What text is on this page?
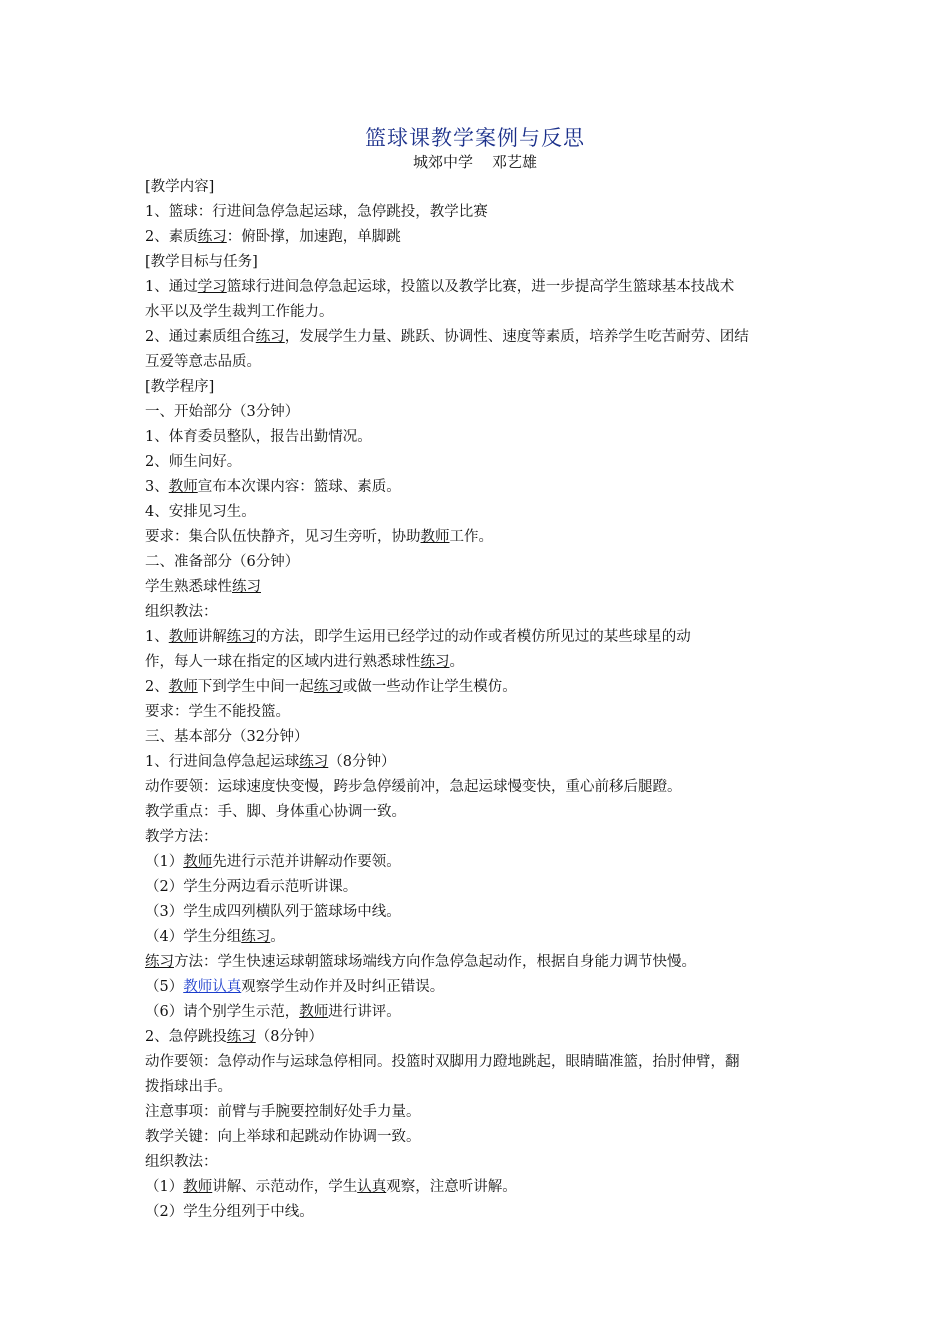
篮球课教学案例与反思
城郊中学    邓艺雄
[教学内容]
1、篮球：行进间急停急起运球，急停跳投，教学比赛
2、素质练习：俯卧撑，加速跑，单脚跳
[教学目标与任务]
1、通过学习篮球行进间急停急起运球，投篮以及教学比赛，进一步提高学生篮球基本技战术
水平以及学生裁判工作能力。
2、通过素质组合练习，发展学生力量、跳跃、协调性、速度等素质，培养学生吃苦耐劳、团结
互爱等意志品质。
[教学程序]
一、开始部分（3分钟）
1、体育委员整队，报告出勤情况。
2、师生问好。
3、教师宣布本次课内容：篮球、素质。
4、安排见习生。
要求：集合队伍快静齐，见习生旁听，协助教师工作。
二、准备部分（6分钟）
学生熟悉球性练习
组织教法：
1、教师讲解练习的方法，即学生运用已经学过的动作或者模仿所见过的某些球星的动
作，每人一球在指定的区域内进行熟悉球性练习。
2、教师下到学生中间一起练习或做一些动作让学生模仿。
要求：学生不能投篮。
三、基本部分（32分钟）
1、行进间急停急起运球练习（8分钟）
动作要领：运球速度快变慢，跨步急停缓前冲，急起运球慢变快，重心前移后腿蹬。
教学重点：手、脚、身体重心协调一致。
教学方法：
（1）教师先进行示范并讲解动作要领。
（2）学生分两边看示范听讲课。
（3）学生成四列横队列于篮球场中线。
（4）学生分组练习。
练习方法：学生快速运球朝篮球场端线方向作急停急起动作，根据自身能力调节快慢。
（5）教师认真观察学生动作并及时纠正错误。
（6）请个别学生示范，教师进行讲评。
2、急停跳投练习（8分钟）
动作要领：急停动作与运球急停相同。投篮时双脚用力蹬地跳起，眼睛瞄准篮，抬肘伸臂，翻
拨指球出手。
注意事项：前臂与手腕要控制好处手力量。
教学关键：向上举球和起跳动作协调一致。
组织教法：
（1）教师讲解、示范动作，学生认真观察，注意听讲解。
（2）学生分组列于中线。
